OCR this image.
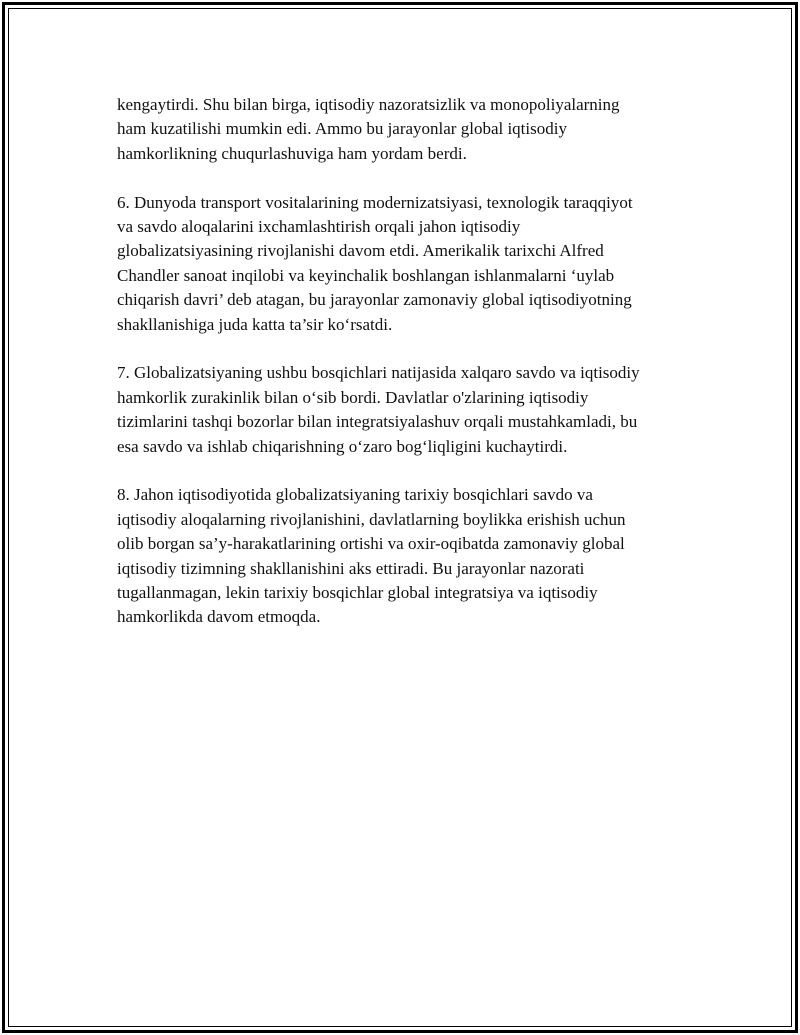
kengaytirdi. Shu bilan birga, iqtisodiy nazoratsizlik va monopoliyalarning
ham kuzatilishi mumkin edi. Ammo bu jarayonlar global iqtisodiy
hamkorlikning chuqurlashuviga ham yordam berdi.

6. Dunyoda transport vositalarining modernizatsiyasi, texnologik taraqqiyot
va savdo aloqalarini ixchamlashtirish orqali jahon iqtisodiy
globalizatsiyasining rivojlanishi davom etdi. Amerikalik tarixchi Alfred
Chandler sanoat inqilobi va keyinchalik boshlangan ishlanmalarni ‘uylab
chiqarish davri’ deb atagan, bu jarayonlar zamonaviy global iqtisodiyotning
shakllanishiga juda katta ta’sir ko‘rsatdi.

7. Globalizatsiyaning ushbu bosqichlari natijasida xalqaro savdo va iqtisodiy
hamkorlik zurakinlik bilan o‘sib bordi. Davlatlar o'zlarining iqtisodiy
tizimlarini tashqi bozorlar bilan integratsiyalashuv orqali mustahkamladi, bu
esa savdo va ishlab chiqarishning o‘zaro bog‘liqligini kuchaytirdi.

8. Jahon iqtisodiyotida globalizatsiyaning tarixiy bosqichlari savdo va
iqtisodiy aloqalarning rivojlanishini, davlatlarning boylikka erishish uchun
olib borgan sa’y-harakatlarining ortishi va oxir-oqibatda zamonaviy global
iqtisodiy tizimning shakllanishini aks ettiradi. Bu jarayonlar nazorati
tugallanmagan, lekin tarixiy bosqichlar global integratsiya va iqtisodiy
hamkorlikda davom etmoqda.
